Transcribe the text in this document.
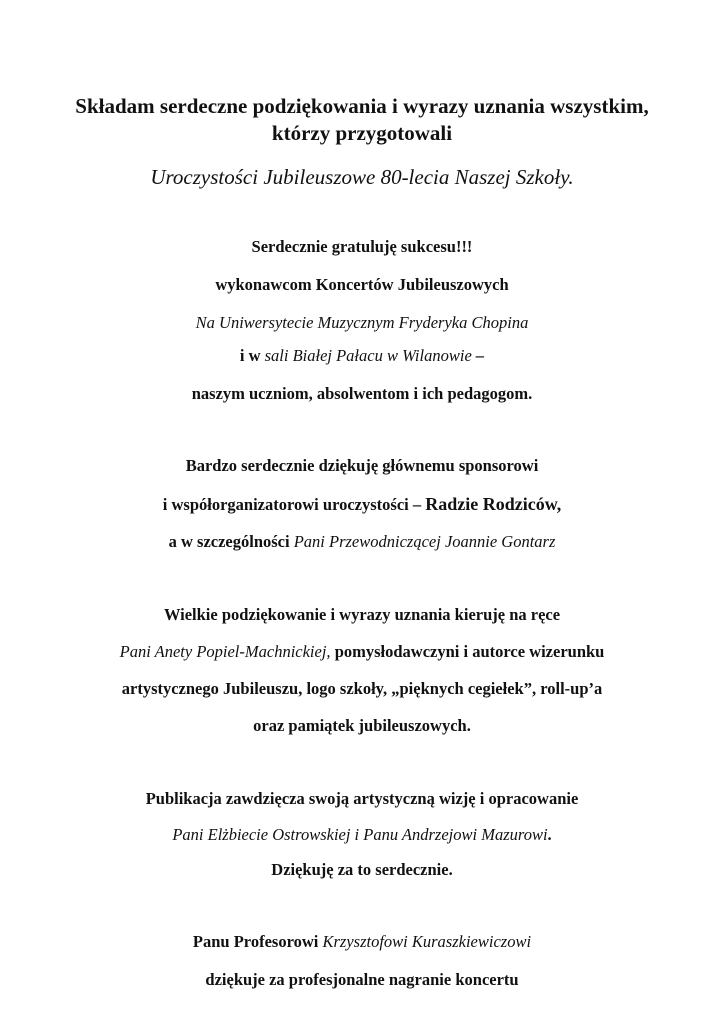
Składam serdeczne podziękowania i wyrazy uznania wszystkim,
którzy przygotowali
Uroczystości Jubileuszowe 80-lecia Naszej Szkoły.
Serdecznie gratuluję sukcesu!!!
wykonawcom Koncertów Jubileuszowych
Na Uniwersytecie Muzycznym Fryderyka Chopina
i w sali Białej Pałacu w Wilanowie –
naszym uczniom, absolwentom i ich pedagogom.
Bardzo serdecznie dziękuję głównemu sponsorowi
i współorganizatorowi uroczystości – Radzie Rodziców,
a w szczególności Pani Przewodniczącej Joannie Gontarz
Wielkie podziękowanie i wyrazy uznania kieruję na ręce
Pani Anety Popiel-Machnickiej, pomysłodawczyni i autorce wizerunku
artystycznego Jubileuszu, logo szkoły, „pięknych cegiełek”, roll-up’a
oraz pamiątek jubileuszowych.
Publikacja zawdzięcza swoją artystyczną wizję i opracowanie
Pani Elżbiecie Ostrowskiej i Panu Andrzejowi Mazurowi.
Dziękuję za to serdecznie.
Panu Profesorowi Krzysztofowi Kuraszkiewiczowi
dziękuje za profesjonalne nagranie koncertu
